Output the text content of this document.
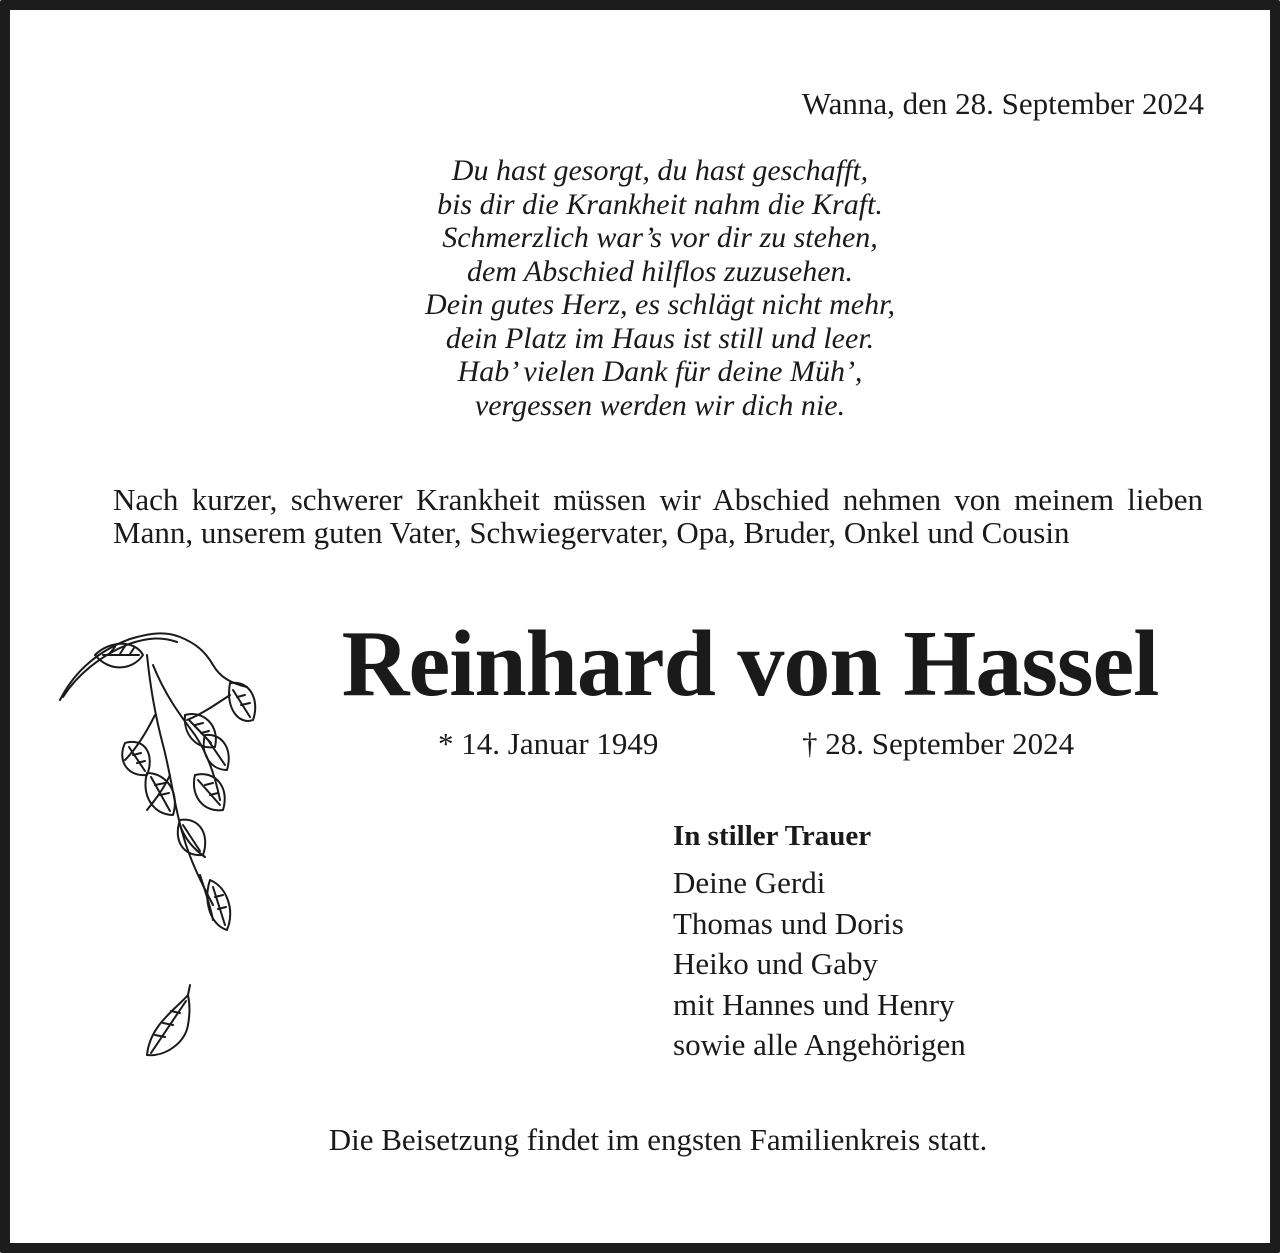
Wanna, den 28. September 2024
Du hast gesorgt, du hast geschafft,
bis dir die Krankheit nahm die Kraft.
Schmerzlich war’s vor dir zu stehen,
dem Abschied hilflos zuzusehen.
Dein gutes Herz, es schlägt nicht mehr,
dein Platz im Haus ist still und leer.
Hab’ vielen Dank für deine Müh’,
vergessen werden wir dich nie.
Nach kurzer, schwerer Krankheit müssen wir Abschied nehmen von meinem lieben Mann, unserem guten Vater, Schwiegervater, Opa, Bruder, Onkel und Cousin
Reinhard von Hassel
* 14. Januar 1949	† 28. September 2024
In stiller Trauer
Deine Gerdi
Thomas und Doris
Heiko und Gaby
mit Hannes und Henry
sowie alle Angehörigen
Die Beisetzung findet im engsten Familienkreis statt.
